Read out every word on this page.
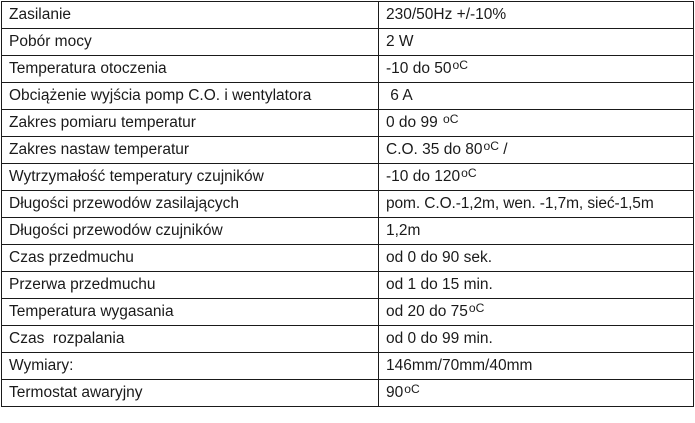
Zasilanie	230/50Hz +/-10%
Pobór mocy	2 W
Temperatura otoczenia	-10 do $50^{oC}$
Obciążenie wyjścia pomp C.O. i wentylatora	6 A
Zakres pomiaru temperatur	0 do 99 $^{oC}$
Zakres nastaw temperatur	C.O. 35 do $80^{oC}$ /
Wytrzymałość temperatury czujników	-10 do $120^{oC}$
Długości przewodów zasilających	pom. C.O.-1,2m, wen. -1,7m, sieć-1,5m
Długości przewodów czujników	1,2m
Czas przedmuchu	od 0 do 90 sek.
Przerwa przedmuchu	od 1 do 15 min.
Temperatura wygasania	od 20 do $75^{oC}$
Czas  rozpalania	od 0 do 99 min.
Wymiary:	146mm/70mm/40mm
Termostat awaryjny	$90^{oC}$
